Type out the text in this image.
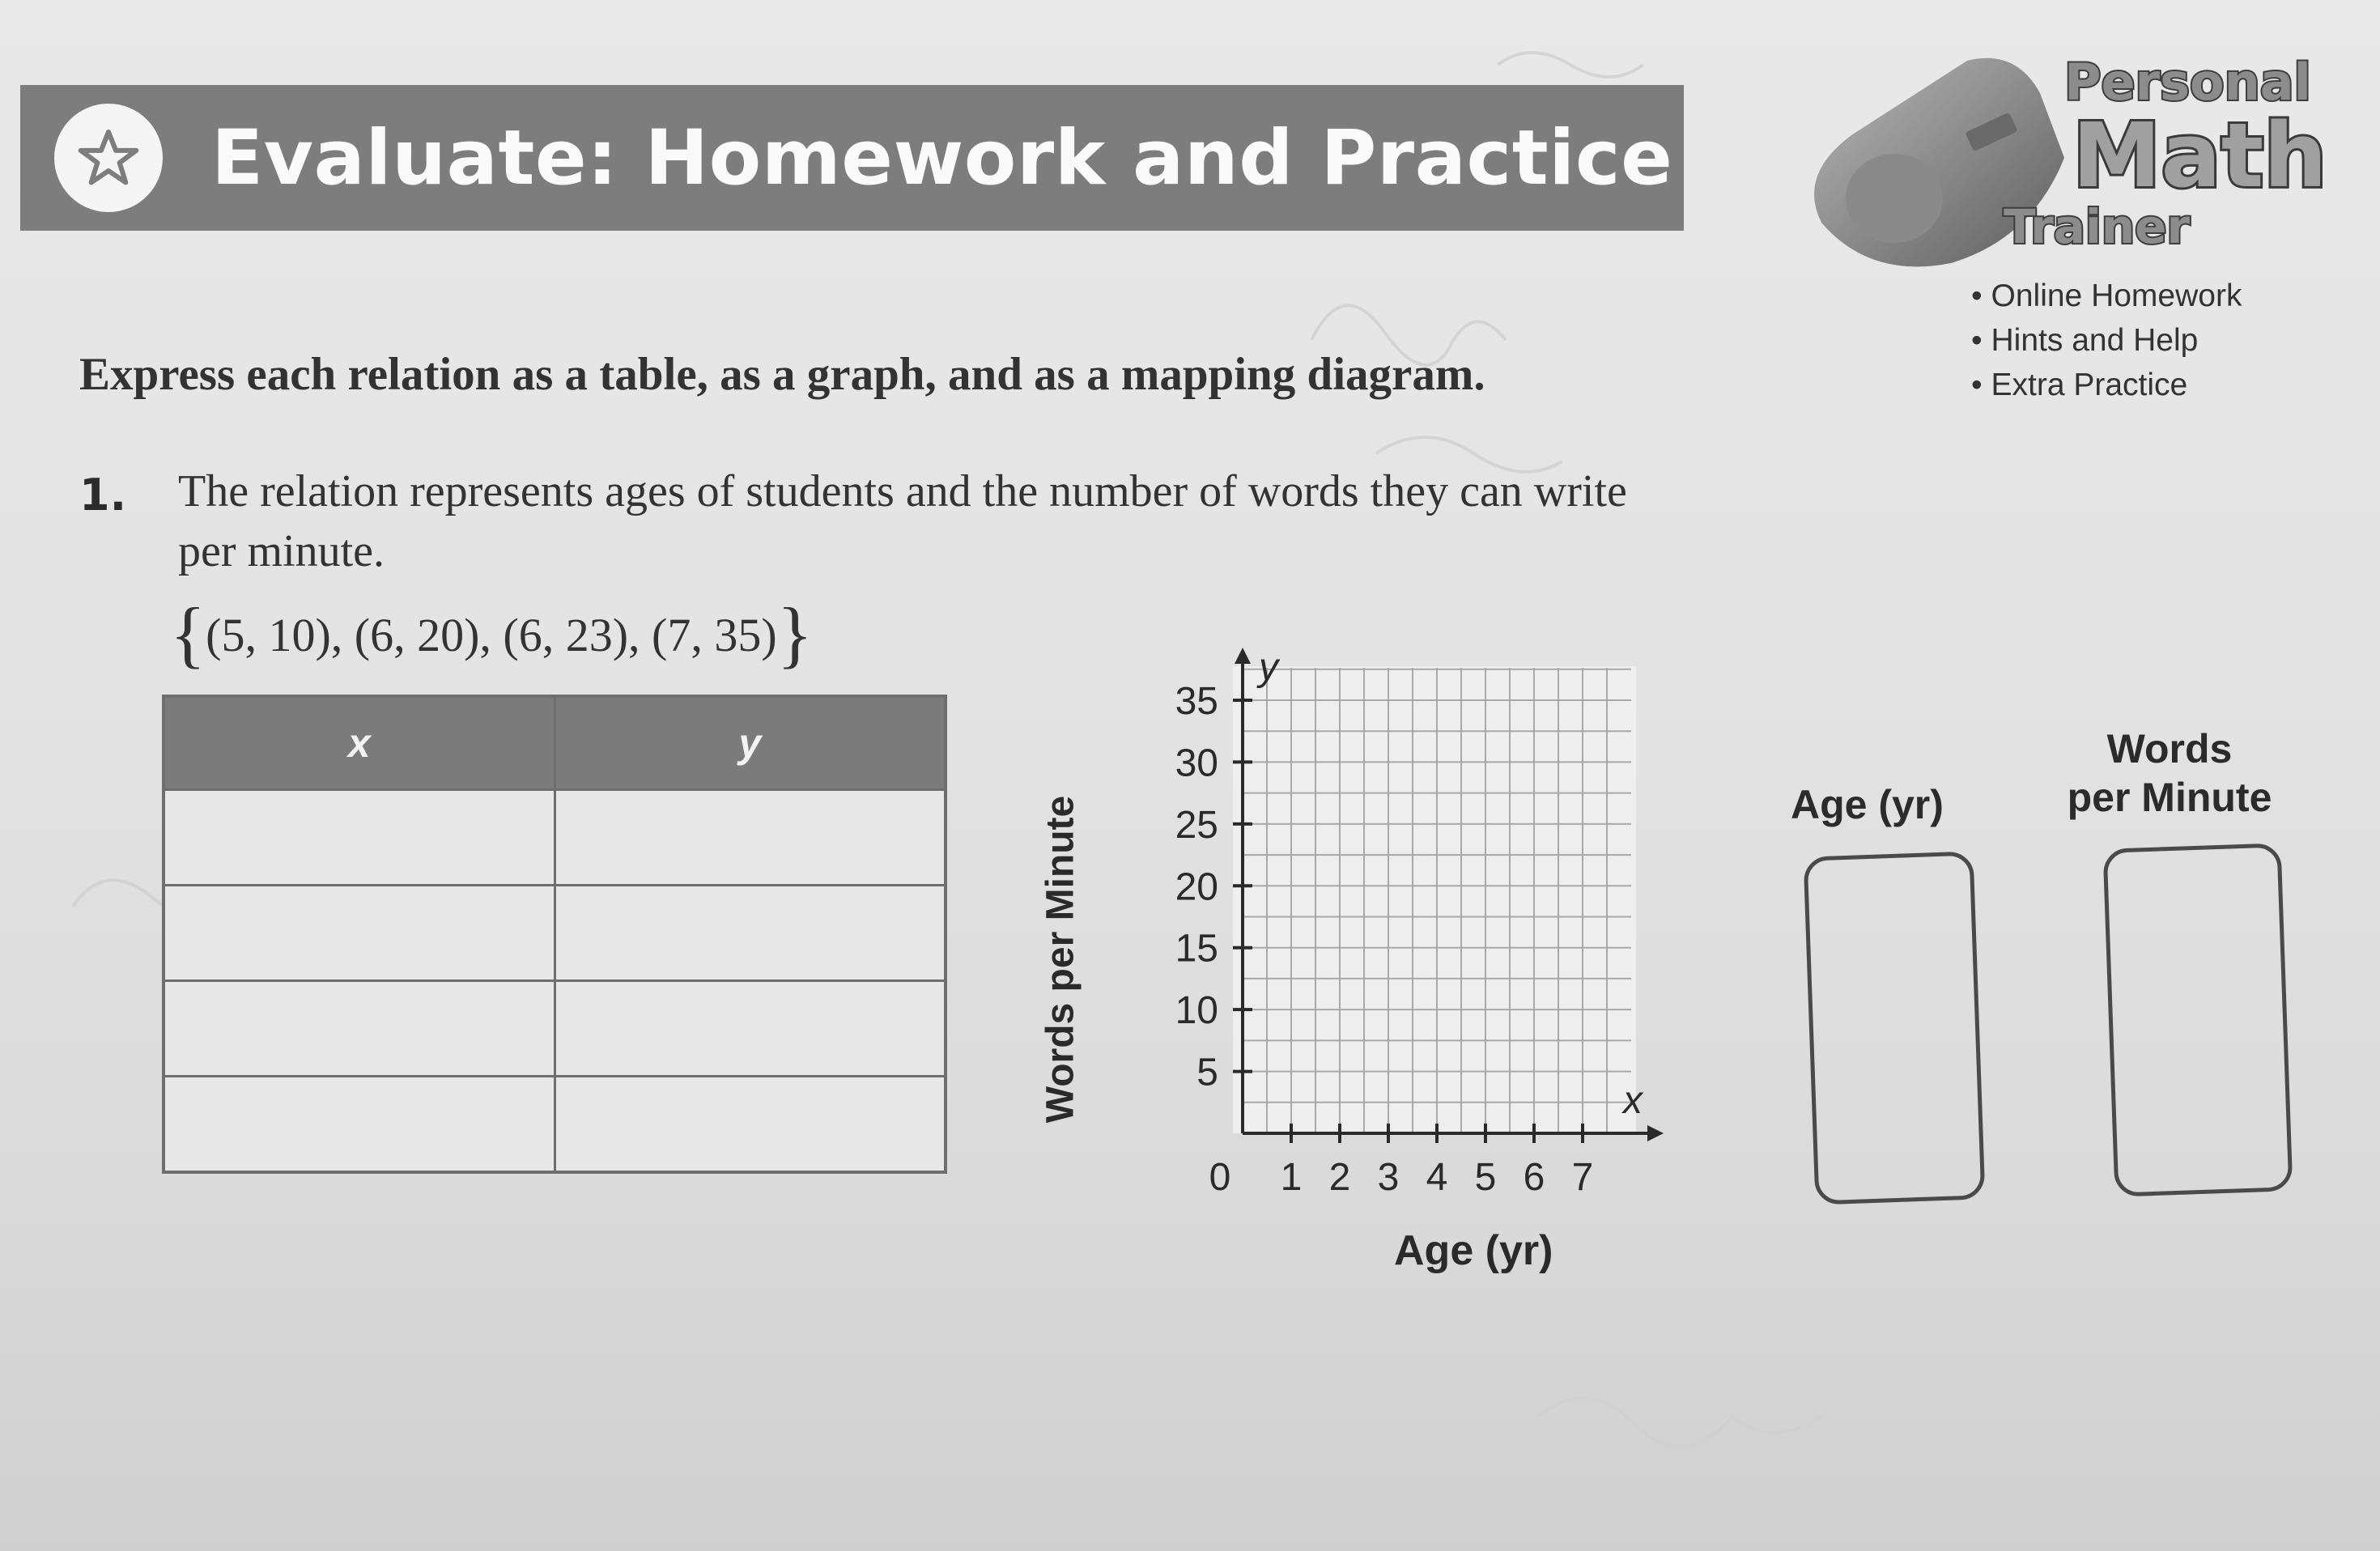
Evaluate: Homework and Practice
Personal
Math
Trainer
• Online Homework
• Hints and Help
• Extra Practice
Express each relation as a table, as a graph, and as a mapping diagram.
1. The relation represents ages of students and the number of words they can write per minute.
{(5, 10), (6, 20), (6, 23), (7, 35)}
x	y

x
y
0 1 2 3 4 5 6 7
5
10
15
20
25
30
35
Words per Minute
Age (yr)
Age (yr)
Words
per Minute
